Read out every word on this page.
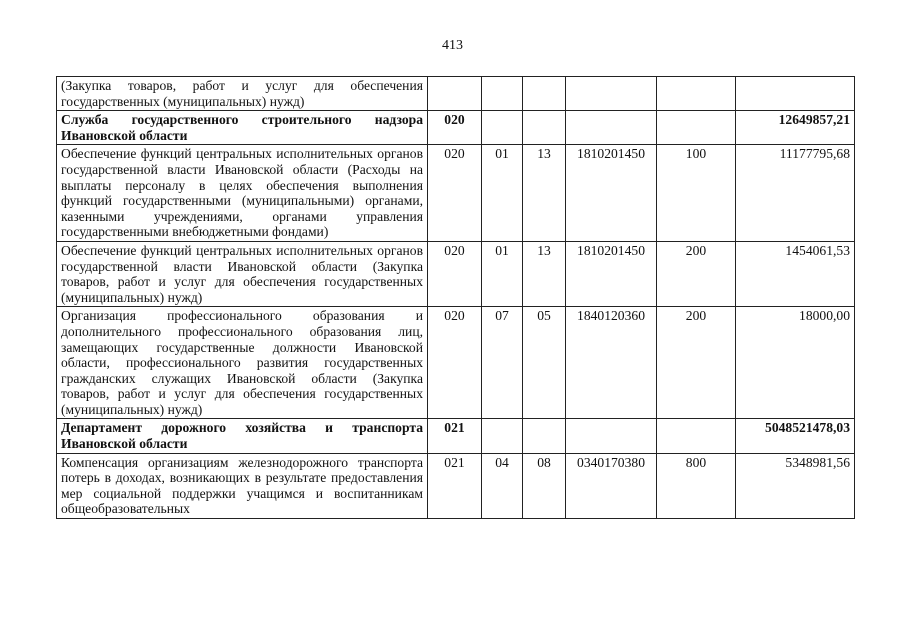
413
(Закупка товаров, работ и услуг для обеспечения государственных (муниципальных) нужд)						
Служба государственного строительного надзора Ивановской области	020					12649857,21
Обеспечение функций центральных исполнительных органов государственной власти Ивановской области (Расходы на выплаты персоналу в целях обеспечения выполнения функций государственными (муниципальными) органами, казенными учреждениями, органами управления государственными внебюджетными фондами)	020	01	13	1810201450	100	11177795,68
Обеспечение функций центральных исполнительных органов государственной власти Ивановской области (Закупка товаров, работ и услуг для обеспечения государственных (муниципальных) нужд)	020	01	13	1810201450	200	1454061,53
Организация профессионального образования и дополнительного профессионального образования лиц, замещающих государственные должности Ивановской области, профессионального развития государственных гражданских служащих Ивановской области (Закупка товаров, работ и услуг для обеспечения государственных (муниципальных) нужд)	020	07	05	1840120360	200	18000,00
Департамент дорожного хозяйства и транспорта Ивановской области	021					5048521478,03
Компенсация организациям железнодорожного транспорта потерь в доходах, возникающих в результате предоставления мер социальной поддержки учащимся и воспитанникам общеобразовательных	021	04	08	0340170380	800	5348981,56
